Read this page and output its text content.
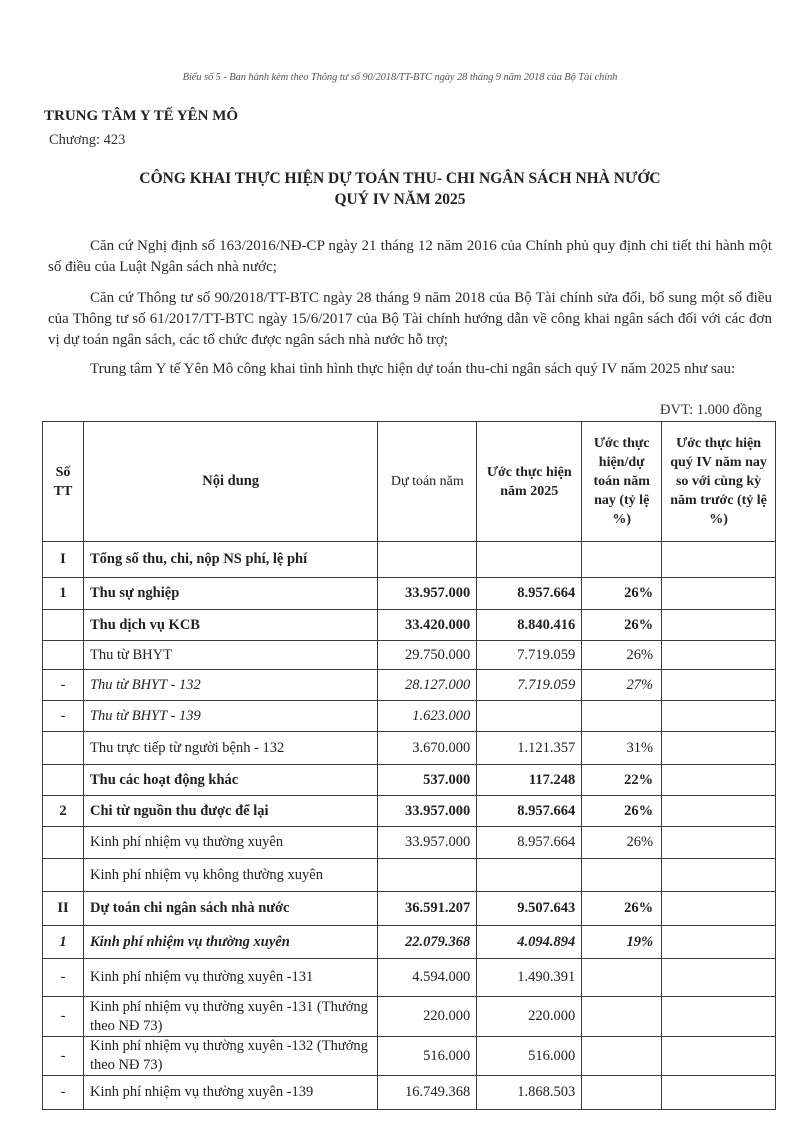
Biểu số 5 - Ban hành kèm theo Thông tư số 90/2018/TT-BTC ngày 28 tháng 9 năm 2018 của Bộ Tài chính
TRUNG TÂM Y TẾ YÊN MÔ
Chương: 423
CÔNG KHAI THỰC HIỆN DỰ TOÁN THU- CHI NGÂN SÁCH NHÀ NƯỚC
QUÝ IV NĂM 2025
Căn cứ Nghị định số 163/2016/NĐ-CP ngày 21 tháng 12 năm 2016 của Chính phủ quy định chi tiết thi hành một số điều của Luật Ngân sách nhà nước;
Căn cứ Thông tư số 90/2018/TT-BTC ngày 28 tháng 9 năm 2018 của Bộ Tài chính sửa đổi, bổ sung một số điều của Thông tư số 61/2017/TT-BTC ngày 15/6/2017 của Bộ Tài chính hướng dẫn về công khai ngân sách đối với các đơn vị dự toán ngân sách, các tổ chức được ngân sách nhà nước hỗ trợ;
Trung tâm Y tế Yên Mô công khai tình hình thực hiện dự toán thu-chi ngân sách quý IV năm 2025 như sau:
ĐVT: 1.000 đồng
Số TT	Nội dung	Dự toán năm	Ước thực hiện năm 2025	Ước thực hiện/dự toán năm nay (tỷ lệ %)	Ước thực hiện quý IV năm nay so với cùng kỳ năm trước (tỷ lệ %)
I	Tổng số thu, chi, nộp NS phí, lệ phí				
1	Thu sự nghiệp	33.957.000	8.957.664	26%	
	Thu dịch vụ KCB	33.420.000	8.840.416	26%	
	Thu từ BHYT	29.750.000	7.719.059	26%	
-	Thu từ BHYT - 132	28.127.000	7.719.059	27%	
-	Thu từ BHYT - 139	1.623.000			
	Thu trực tiếp từ người bệnh - 132	3.670.000	1.121.357	31%	
	Thu các hoạt động khác	537.000	117.248	22%	
2	Chi từ nguồn thu được để lại	33.957.000	8.957.664	26%	
	Kinh phí nhiệm vụ thường xuyên	33.957.000	8.957.664	26%	
	Kinh phí nhiệm vụ không thường xuyên				
II	Dự toán chi ngân sách nhà nước	36.591.207	9.507.643	26%	
1	Kinh phí nhiệm vụ thường xuyên	22.079.368	4.094.894	19%	
-	Kinh phí nhiệm vụ thường xuyên -131	4.594.000	1.490.391		
-	Kinh phí nhiệm vụ thường xuyên -131 (Thưởng theo NĐ 73)	220.000	220.000		
-	Kinh phí nhiệm vụ thường xuyên -132 (Thưởng theo NĐ 73)	516.000	516.000		
-	Kinh phí nhiệm vụ thường xuyên -139	16.749.368	1.868.503		
